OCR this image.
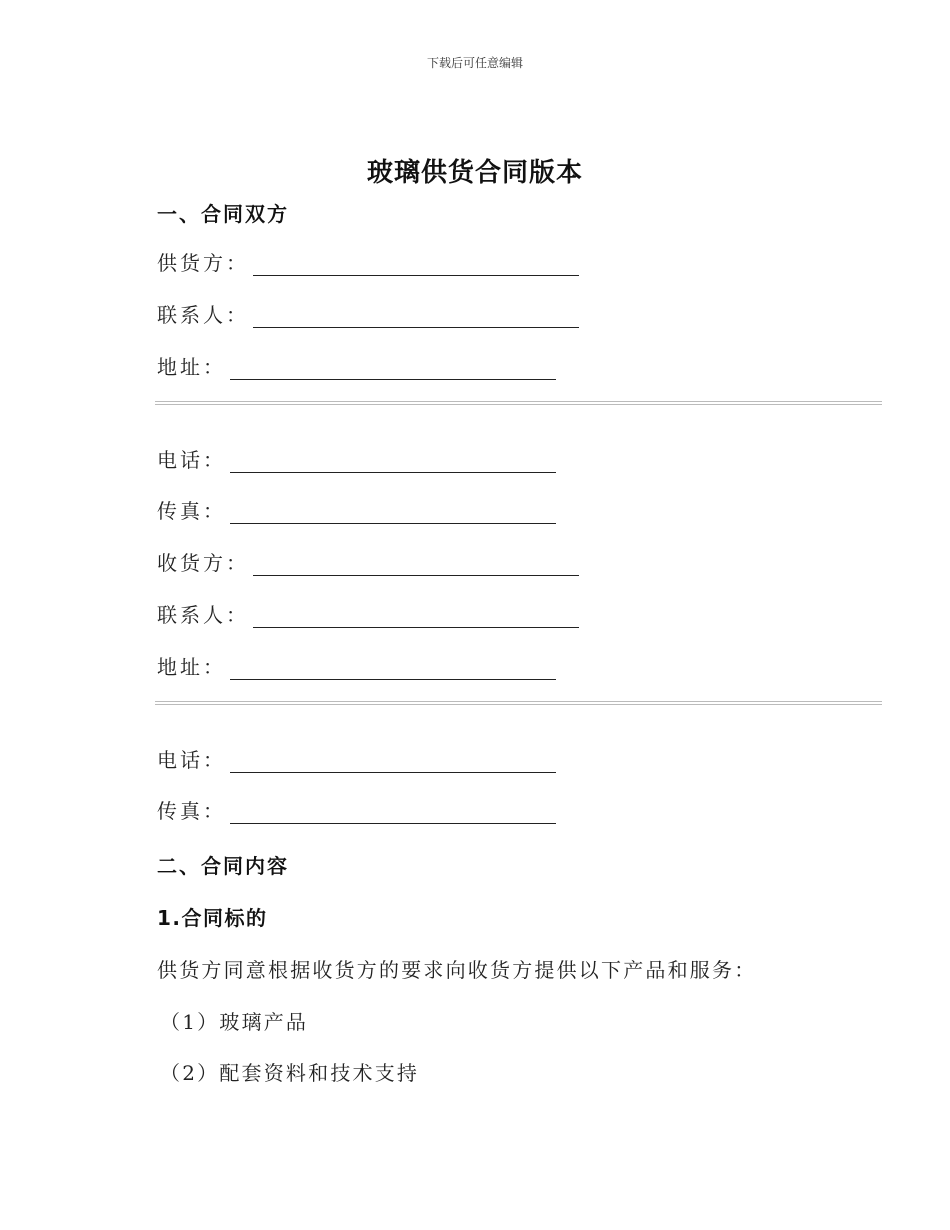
下载后可任意编辑
玻璃供货合同版本
一、合同双方
供货方：
联系人：
地址：
电话：
传真：
收货方：
联系人：
地址：
电话：
传真：
二、合同内容
1.合同标的
供货方同意根据收货方的要求向收货方提供以下产品和服务：
（1）玻璃产品
（2）配套资料和技术支持
